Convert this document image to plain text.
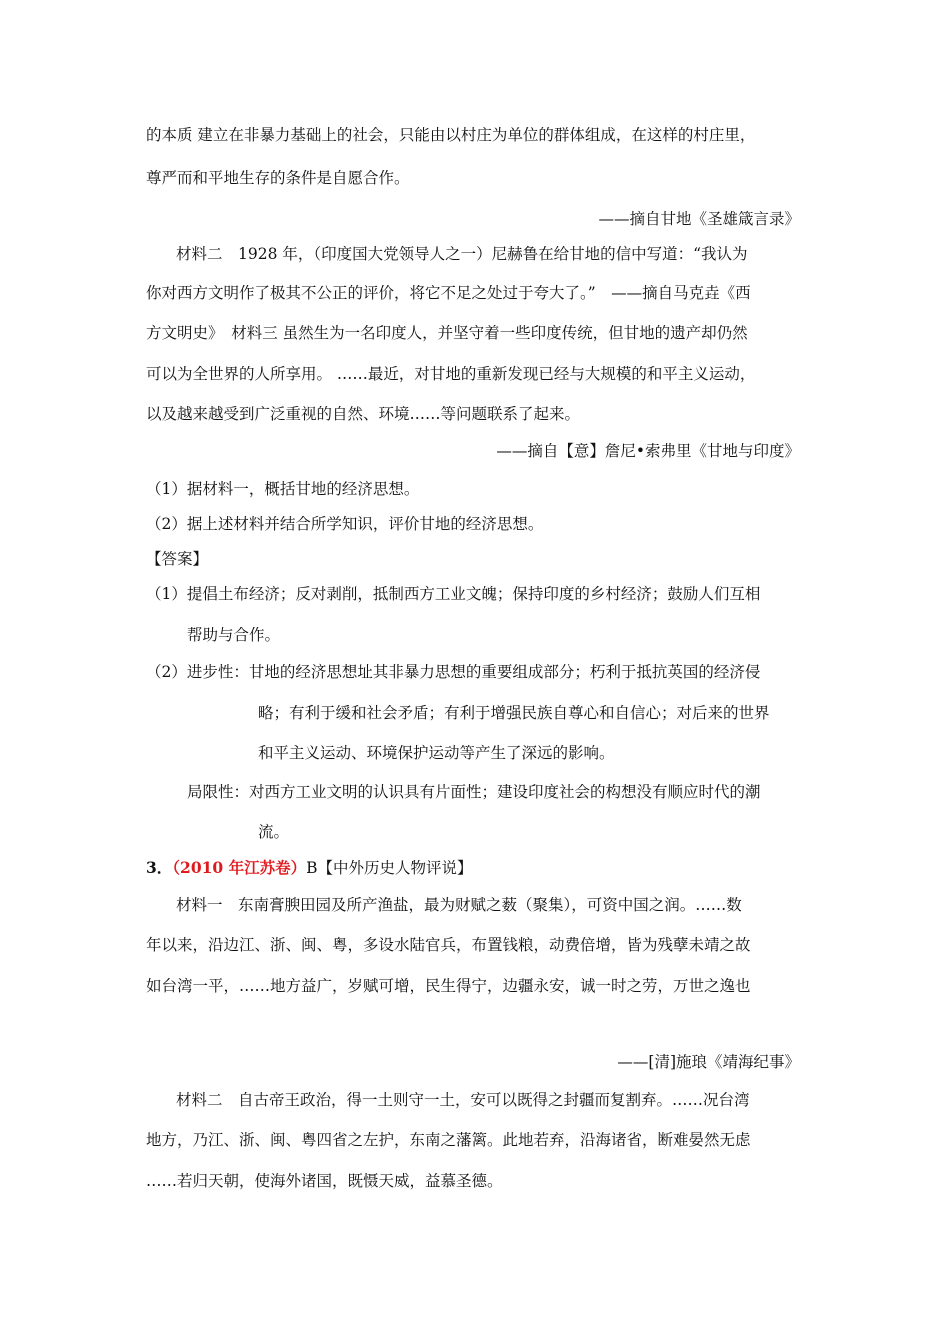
的本质 建立在非暴力基础上的社会，只能由以村庄为单位的群体组成，在这样的村庄里，
尊严而和平地生存的条件是自愿合作。
——摘自甘地《圣雄箴言录》
材料二　1928 年，（印度国大党领导人之一）尼赫鲁在给甘地的信中写道：“我认为
你对西方文明作了极其不公正的评价，将它不足之处过于夸大了。”　——摘自马克垚《西
方文明史》　材料三 虽然生为一名印度人，并坚守着一些印度传统，但甘地的遗产却仍然
可以为全世界的人所享用。 ……最近，对甘地的重新发现已经与大规模的和平主义运动，
以及越来越受到广泛重视的自然、环境……等问题联系了起来。
——摘自【意】詹尼•索弗里《甘地与印度》
（1）据材料一，概括甘地的经济思想。
（2）据上述材料并结合所学知识，评价甘地的经济思想。
【答案】
（1）提倡土布经济；反对剥削，抵制西方工业文魄；保持印度的乡村经济；鼓励人们互相
帮助与合作。
（2）进步性：甘地的经济思想址其非暴力思想的重要组成部分；朽利于抵抗英国的经济侵
略；有利于缓和社会矛盾；有利于增强民族自尊心和自信心；对后来的世界
和平主义运动、环境保护运动等产生了深远的影响。
局限性：对西方工业文明的认识具有片面性；建设印度社会的构想没有顺应时代的潮
流。
3．（2010 年江苏卷）B【中外历史人物评说】
材料一　东南膏腴田园及所产渔盐，最为财赋之薮（聚集），可资中国之润。……数
年以来，沿边江、浙、闽、粤，多设水陆官兵，布置钱粮，动费倍增，皆为残孽未靖之故
如台湾一平，……地方益广，岁赋可增，民生得宁，边疆永安，诚一时之劳，万世之逸也
——[清]施琅《靖海纪事》
材料二　自古帝王政治，得一土则守一土，安可以既得之封疆而复割弃。……况台湾
地方，乃江、浙、闽、粤四省之左护，东南之藩篱。此地若弃，沿海诸省，断难晏然无虑
……若归天朝，使海外诸国，既慑天威，益慕圣德。
